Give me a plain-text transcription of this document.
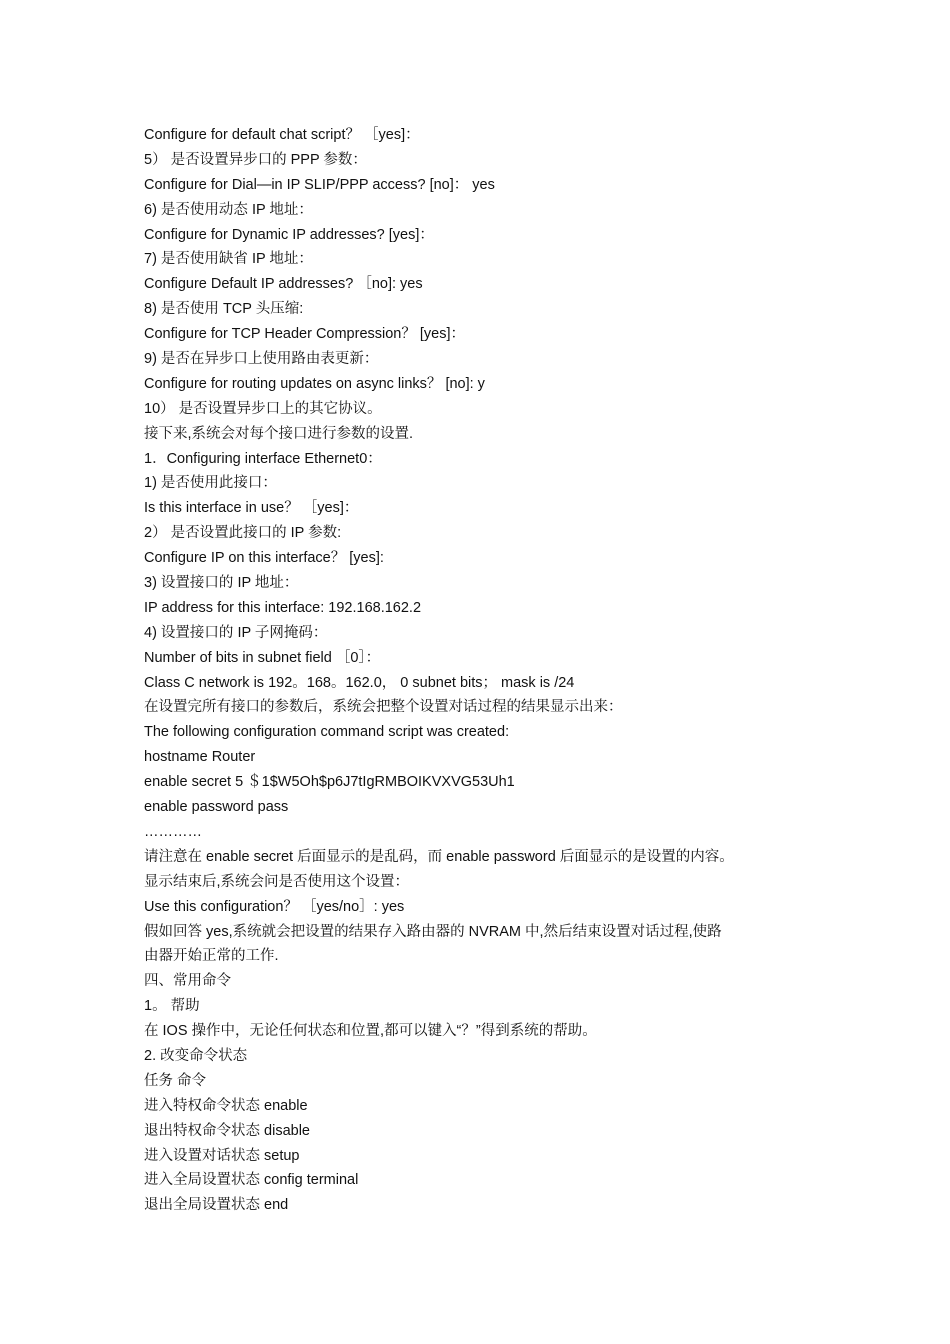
Configure for default chat script？ ［yes]：
5） 是否设置异步口的 PPP 参数：
Configure for Dial—in IP SLIP/PPP access? [no]： yes
6) 是否使用动态 IP 地址：
Configure for Dynamic IP addresses? [yes]：
7) 是否使用缺省 IP 地址：
Configure Default IP addresses? ［no]: yes
8) 是否使用 TCP 头压缩:
Configure for TCP Header Compression？ [yes]：
9) 是否在异步口上使用路由表更新：
Configure for routing updates on async links？ [no]: y
10） 是否设置异步口上的其它协议。
接下来,系统会对每个接口进行参数的设置.
1．Configuring interface Ethernet0：
1) 是否使用此接口：
Is this interface in use？ ［yes]：
2） 是否设置此接口的 IP 参数:
Configure IP on this interface？ [yes]:
3) 设置接口的 IP 地址：
IP address for this interface: 192.168.162.2
4) 设置接口的 IP 子网掩码：
Number of bits in subnet field ［0］：
Class C network is 192。168。162.0， 0 subnet bits； mask is /24
在设置完所有接口的参数后，系统会把整个设置对话过程的结果显示出来：
The following configuration command script was created:
hostname Router
enable secret 5 ＄1$W5Oh$p6J7tIgRMBOIKVXVG53Uh1
enable password pass
…………
请注意在 enable secret 后面显示的是乱码，而 enable password 后面显示的是设置的内容。
显示结束后,系统会问是否使用这个设置：
Use this configuration？ ［yes/no］: yes
假如回答 yes,系统就会把设置的结果存入路由器的 NVRAM 中,然后结束设置对话过程,使路
由器开始正常的工作.
四、常用命令
1。 帮助
在 IOS 操作中，无论任何状态和位置,都可以键入“？”得到系统的帮助。
2. 改变命令状态
任务 命令
进入特权命令状态 enable
退出特权命令状态 disable
进入设置对话状态 setup
进入全局设置状态 config terminal
退出全局设置状态 end
